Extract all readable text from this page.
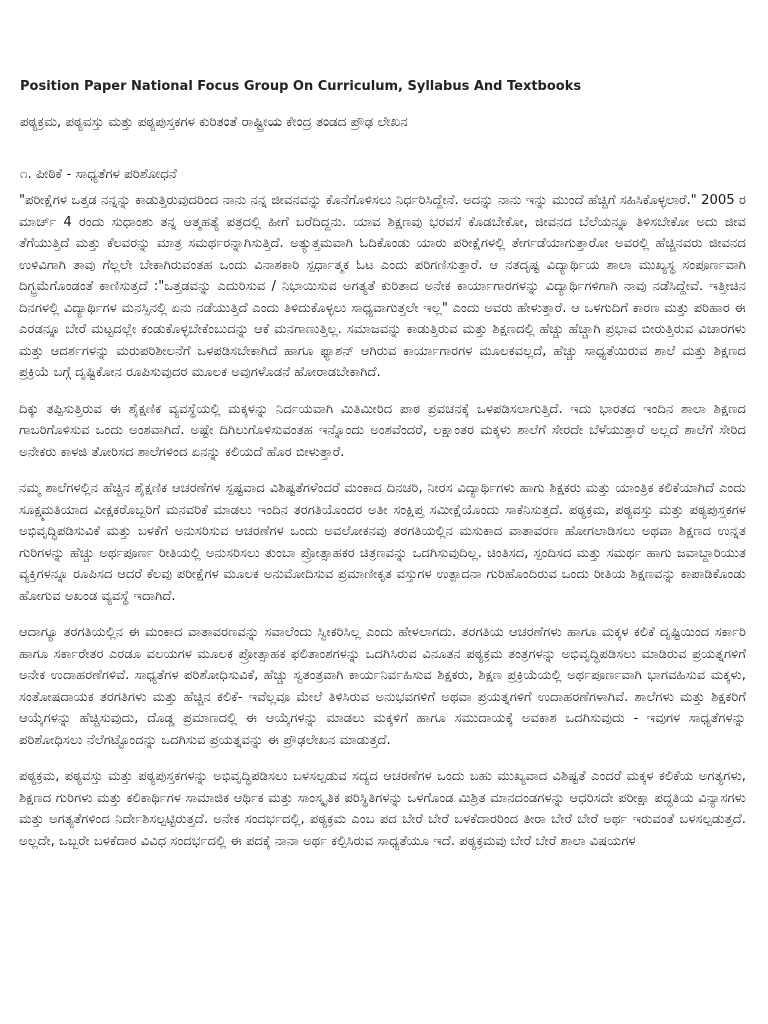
Position Paper National Focus Group On Curriculum, Syllabus And Textbooks
ಪಠ್ಯಕ್ರಮ, ಪಠ್ಯವಸ್ತು ಮತ್ತು ಪಠ್ಯಪುಸ್ತಕಗಳ ಕುರಿತಂತೆ ರಾಷ್ಟ್ರೀಯ ಕೇಂದ್ರ ತಂಡದ ಪ್ರೌಢ ಲೇಖನ
೧. ಪೀಠಿಕೆ - ಸಾಧ್ಯತೆಗಳ ಪರಿಶೋಧನೆ

"ಪರೀಕ್ಷೆಗಳ ಒತ್ತಡ ನನ್ನನ್ನು ಕಾಡುತ್ತಿರುವುದರಿಂದ ನಾನು ನನ್ನ ಜೀವನವನ್ನು ಕೊನೆಗೊಳಿಸಲು ನಿರ್ಧರಿಸಿದ್ದೇನೆ. ಅದನ್ನು ನಾನು ಇನ್ನು ಮುಂದೆ ಹೆಚ್ಚಿಗೆ ಸಹಿಸಿಕೊಳ್ಳಲಾರೆ." 2005 ರ ಮಾರ್ಚ್ 4 ರಂದು ಸುಧಾಂಶು ತನ್ನ ಆತ್ಮಹತ್ಯೆ ಪತ್ರದಲ್ಲಿ ಹೀಗೆ ಬರೆದಿದ್ದನು. ಯಾವ ಶಿಕ್ಷಣವು ಭರವಸೆ ಕೊಡಬೇಕೋ, ಜೀವನದ ಬೆಲೆಯನ್ನೂ ತಿಳಿಸಬೇಕೋ ಅದು ಜೀವ ತೆಗೆಯುತ್ತಿದೆ ಮತ್ತು ಕೆಲವರನ್ನು ಮಾತ್ರ ಸಮರ್ಥರನ್ನಾಗಿಸುತ್ತಿದೆ. ಅತ್ಯುತ್ತಮವಾಗಿ ಓದಿಕೊಂಡು ಯಾರು ಪರೀಕ್ಷೆಗಳಲ್ಲಿ ತೇರ್ಗಡೆಯಾಗುತ್ತಾರೋ ಅವರಲ್ಲಿ ಹೆಚ್ಚಿನವರು ಜೀವನದ ಉಳಿವಿಗಾಗಿ ತಾವು ಗೆಲ್ಲಲೇ ಬೇಕಾಗಿರುವಂತಹ ಒಂದು ವಿನಾಶಕಾರಿ ಸ್ಪರ್ಧಾತ್ಮಕ ಓಟ ಎಂದು ಪರಿಗಣಿಸುತ್ತಾರೆ. ಆ ನತದೃಷ್ಟ ವಿದ್ಯಾರ್ಥಿಯ ಶಾಲಾ ಮುಖ್ಯಸ್ಥ ಸಂಪೂರ್ಣವಾಗಿ ದಿಗ್ಭ್ರಮೆಗೊಂಡಂತೆ ಕಾಣಿಸುತ್ತದೆ :"ಒತ್ತಡವನ್ನು ಎದುರಿಸುವ / ನಿಭಾಯಿಸುವ ಅಗತ್ಯತೆ ಕುರಿತಾದ ಅನೇಕ ಕಾರ್ಯಾಗಾರಗಳನ್ನು ವಿದ್ಯಾರ್ಥಿಗಳಿಗಾಗಿ ನಾವು ನಡೆಸಿದ್ದೇವೆ. ಇತ್ತೀಚಿನ ದಿನಗಳಲ್ಲಿ ವಿದ್ಯಾರ್ಥಿಗಳ ಮನಸ್ಸಿನಲ್ಲಿ ಏನು ನಡೆಯುತ್ತಿದೆ ಎಂದು ತಿಳಿದುಕೊಳ್ಳಲು ಸಾಧ್ಯವಾಗುತ್ತಲೇ ಇಲ್ಲ" ಎಂದು ಅವರು ಹೇಳುತ್ತಾರೆ. ಆ ಒಳಗುದಿಗೆ ಕಾರಣ ಮತ್ತು ಪರಿಹಾರ ಈ ಎರಡನ್ನೂ ಬೇರೆ ಮಟ್ಟದಲ್ಲೇ ಕಂಡುಕೊಳ್ಳಬೇಕೆಂಬುದನ್ನು ಆಕೆ ಮನಗಾಣುತ್ತಿಲ್ಲ. ಸಮಾಜವನ್ನು ಕಾಡುತ್ತಿರುವ ಮತ್ತು ಶಿಕ್ಷಣದಲ್ಲಿ ಹೆಚ್ಚು ಹೆಚ್ಚಾಗಿ ಪ್ರಭಾವ ಬೀರುತ್ತಿರುವ ವಿಚಾರಗಳು ಮತ್ತು ಆದರ್ಶಗಳನ್ನು ಮರುಪರಿಶೀಲನೆಗೆ ಒಳಪಡಿಸಬೇಕಾಗಿದೆ ಹಾಗೂ ಫ್ಯಾಶನ್ ಆಗಿರುವ ಕಾರ್ಯಾಗಾರಗಳ ಮೂಲಕವಲ್ಲದೆ, ಹೆಚ್ಚು ಸಾಧ್ಯತೆಯಿರುವ ಶಾಲೆ ಮತ್ತು ಶಿಕ್ಷಣದ ಪ್ರಕ್ರಿಯೆ ಬಗ್ಗೆ ದೃಷ್ಟಿಕೋನ ರೂಪಿಸುವುದರ ಮೂಲಕ ಅವುಗಳೊಡನೆ ಹೋರಾಡಬೇಕಾಗಿದೆ.

ದಿಕ್ಕು ತಪ್ಪಿಸುತ್ತಿರುವ ಈ ಶೈಕ್ಷಣಿಕ ವ್ಯವಸ್ಥೆಯಲ್ಲಿ ಮಕ್ಕಳನ್ನು ನಿರ್ದಯವಾಗಿ ಮಿತಿಮೀರಿದ ಪಾಠ ಪ್ರವಚನಕ್ಕೆ ಒಳಪಡಿಸಲಾಗುತ್ತಿದೆ. ಇದು ಭಾರತದ ಇಂದಿನ ಶಾಲಾ ಶಿಕ್ಷಣದ ಗಾಬರಿಗೊಳಿಸುವ ಒಂದು ಅಂಶವಾಗಿದೆ. ಅಷ್ಟೇ ದಿಗಿಲುಗೊಳಿಸುವಂತಹ ಇನ್ನೊಂದು ಅಂಶವೆಂದರೆ, ಲಕ್ಷಾಂತರ ಮಕ್ಕಳು ಶಾಲೆಗೆ ಸೇರದೇ ಬೆಳೆಯುತ್ತಾರೆ ಅಲ್ಲದೆ ಶಾಲೆಗೆ ಸೇರಿದ ಅನೇಕರು ಕಾಳಜಿ ತೋರಿಸದ ಶಾಲೆಗಳಿಂದ ಏನನ್ನು ಕಲಿಯದೆ ಹೊರ ಬೀಳುತ್ತಾರೆ.

ನಮ್ಮ ಶಾಲೆಗಳಲ್ಲಿನ ಹೆಚ್ಚಿನ ಶೈಕ್ಷಣಿಕ ಆಚರಣೆಗಳ ಸ್ಪಷ್ಟವಾದ ವಿಶಿಷ್ಟತೆಗಳೆಂದರೆ ಮಂಕಾದ ದಿನಚರಿ, ನೀರಸ ವಿದ್ಯಾರ್ಥಿಗಳು ಹಾಗು ಶಿಕ್ಷಕರು ಮತ್ತು ಯಾಂತ್ರಿಕ ಕಲಿಕೆಯಾಗಿದೆ ಎಂದು ಸೂಕ್ಷ್ಮಮತಿಯಾದ ವೀಕ್ಷಕರೊಬ್ಬರಿಗೆ ಮನವರಿಕೆ ಮಾಡಲು ಇಂದಿನ ತರಗತಿಯೊಂದರ ಅತೀ ಸಂಕ್ಷಿಪ್ತ ಸಮೀಕ್ಷೆಯೊಂದು ಸಾಕೆನಿಸುತ್ತದೆ. ಪಠ್ಯಕ್ರಮ, ಪಠ್ಯವಸ್ತು ಮತ್ತು ಪಠ್ಯಪುಸ್ತಕಗಳ ಅಭಿವೃದ್ಧಿಪಡಿಸುವಿಕೆ ಮತ್ತು ಬಳಕೆಗೆ ಅನುಸರಿಸುವ ಆಚರಣೆಗಳ ಒಂದು ಅವಲೋಕನವು ತರಗತಿಯಲ್ಲಿನ ಮಸುಕಾದ ವಾತಾವರಣ ಹೋಗಲಾಡಿಸಲು ಅಥವಾ ಶಿಕ್ಷಣದ ಉನ್ನತ ಗುರಿಗಳನ್ನು ಹೆಚ್ಚು ಅರ್ಥಪೂರ್ಣ ರೀತಿಯಲ್ಲಿ ಅನುಸರಿಸಲು ತುಂಬಾ ಪ್ರೋತ್ಸಾಹಕರ ಚಿತ್ರಣವನ್ನು ಒದಗಿಸುವುದಿಲ್ಲ. ಚಿಂತಿಸದ, ಸ್ಪಂದಿಸದ ಮತ್ತು ಸಮರ್ಥ ಹಾಗು ಜವಾಬ್ದಾರಿಯುತ ವ್ಯಕ್ತಿಗಳನ್ನೂ ರೂಪಿಸದ ಆದರೆ ಕೆಲವು ಪರೀಕ್ಷೆಗಳ ಮೂಲಕ ಅನುಮೋದಿಸುವ ಪ್ರಮಾಣೀಕೃತ ವಸ್ತುಗಳ ಉತ್ಪಾದನಾ ಗುರಿಹೊಂದಿರುವ ಒಂದು ರೀತಿಯ ಶಿಕ್ಷಣವನ್ನು ಕಾಪಾಡಿಕೊಂಡು ಹೋಗುವ ಅಖಂಡ ವ್ಯವಸ್ಥೆ ಇದಾಗಿದೆ.

ಆದಾಗ್ಯೂ ತರಗತಿಯಲ್ಲಿನ ಈ ಮಂಕಾದ ವಾತಾವರಣವನ್ನು ಸವಾಲೆಂದು ಸ್ವೀಕರಿಸಿಲ್ಲ ಎಂದು ಹೇಳಲಾಗದು. ತರಗತಿಯ ಆಚರಣೆಗಳು ಹಾಗೂ ಮಕ್ಕಳ ಕಲಿಕೆ ದೃಷ್ಟಿಯಿಂದ ಸರ್ಕಾರಿ ಹಾಗೂ ಸರ್ಕಾರೇತರ ಎರಡೂ ವಲಯಗಳ ಮೂಲಕ ಪ್ರೋತ್ಸಾಹಕ ಫಲಿತಾಂಶಗಳನ್ನು ಒದಗಿಸಿರುವ ವಿನೂತನ ಪಠ್ಯಕ್ರಮ ತಂತ್ರಗಳನ್ನು ಅಭಿವೃದ್ಧಿಪಡಿಸಲು ಮಾಡಿರುವ ಪ್ರಯತ್ನಗಳಿಗೆ ಅನೇಕ ಉದಾಹರಣೆಗಳಿವೆ. ಸಾಧ್ಯತೆಗಳ ಪರಿಶೋಧಿಸುವಿಕೆ, ಹೆಚ್ಚು ಸ್ವತಂತ್ರವಾಗಿ ಕಾರ್ಯನಿರ್ವಹಿಸುವ ಶಿಕ್ಷಕರು, ಶಿಕ್ಷಣ ಪ್ರಕ್ರಿಯೆಯಲ್ಲಿ ಅರ್ಥಪೂರ್ಣವಾಗಿ ಭಾಗವಹಿಸುವ ಮಕ್ಕಳು, ಸಂತೋಷದಾಯಕ ತರಗತಿಗಳು ಮತ್ತು ಹೆಚ್ಚಿನ ಕಲಿಕೆ- ಇವೆಲ್ಲವೂ ಮೇಲೆ ತಿಳಿಸಿರುವ ಅನುಭವಗಳಿಗೆ ಅಥವಾ ಪ್ರಯತ್ನಗಳಿಗೆ ಉದಾಹರಣೆಗಳಾಗಿವೆ. ಶಾಲೆಗಳು ಮತ್ತು ಶಿಕ್ಷಕರಿಗೆ ಆಯ್ಕೆಗಳನ್ನು ಹೆಚ್ಚಿಸುವುದು, ದೊಡ್ಡ ಪ್ರಮಾಣದಲ್ಲಿ ಈ ಆಯ್ಕೆಗಳನ್ನು ಮಾಡಲು ಮಕ್ಕಳಿಗೆ ಹಾಗೂ ಸಮುದಾಯಕ್ಕೆ ಅವಕಾಶ ಒದಗಿಸುವುದು - ಇವುಗಳ ಸಾಧ್ಯತೆಗಳನ್ನು ಪರಿಶೋಧಿಸಲು ನೆಲೆಗಟ್ಟೊಂದನ್ನು ಒದಗಿಸುವ ಪ್ರಯತ್ನವನ್ನು ಈ ಪ್ರೌಢಲೇಖನ ಮಾಡುತ್ತದೆ.

ಪಠ್ಯಕ್ರಮ, ಪಠ್ಯವಸ್ತು ಮತ್ತು ಪಠ್ಯಪುಸ್ತಕಗಳನ್ನು ಅಭಿವೃದ್ಧಿಪಡಿಸಲು ಬಳಸಲ್ಪಡುವ ಸದ್ಯದ ಆಚರಣೆಗಳ ಒಂದು ಬಹು ಮುಖ್ಯವಾದ ವಿಶಿಷ್ಟತೆ ಎಂದರೆ ಮಕ್ಕಳ ಕಲಿಕೆಯ ಅಗತ್ಯಗಳು, ಶಿಕ್ಷಣದ ಗುರಿಗಳು ಮತ್ತು ಕಲಿಕಾರ್ಥಿಗಳ ಸಾಮಾಜಿಕ ಆರ್ಥಿಕ ಮತ್ತು ಸಾಂಸ್ಕೃತಿಕ ಪರಿಸ್ಥಿತಿಗಳನ್ನು ಒಳಗೊಂಡ ಮಿಶ್ರಿತ ಮಾನದಂಡಗಳನ್ನು ಆಧರಿಸದೇ ಪರೀಕ್ಷಾ ಪದ್ಧತಿಯ ವಿನ್ಯಾಸಗಳು ಮತ್ತು ಅಗತ್ಯತೆಗಳಿಂದ ನಿರ್ದೇಶಿಸಲ್ಪಟ್ಟಿರುತ್ತದೆ. ಅನೇಕ ಸಂದರ್ಭದಲ್ಲಿ, ಪಠ್ಯಕ್ರಮ ಎಂಬ ಪದ ಬೇರೆ ಬೇರೆ ಬಳಕೆದಾರರಿಂದ ತೀರಾ ಬೇರೆ ಬೇರೆ ಅರ್ಥ ಇರುವಂತೆ ಬಳಸಲ್ಪಡುತ್ತದೆ. ಅಲ್ಲದೇ, ಒಬ್ಬರೇ ಬಳಕೆದಾರ ವಿವಿಧ ಸಂದರ್ಭದಲ್ಲಿ ಈ ಪದಕ್ಕೆ ನಾನಾ ಅರ್ಥ ಕಲ್ಪಿಸಿರುವ ಸಾಧ್ಯತೆಯೂ ಇದೆ. ಪಠ್ಯಕ್ರಮವು ಬೇರೆ ಬೇರೆ ಶಾಲಾ ವಿಷಯಗಳ
